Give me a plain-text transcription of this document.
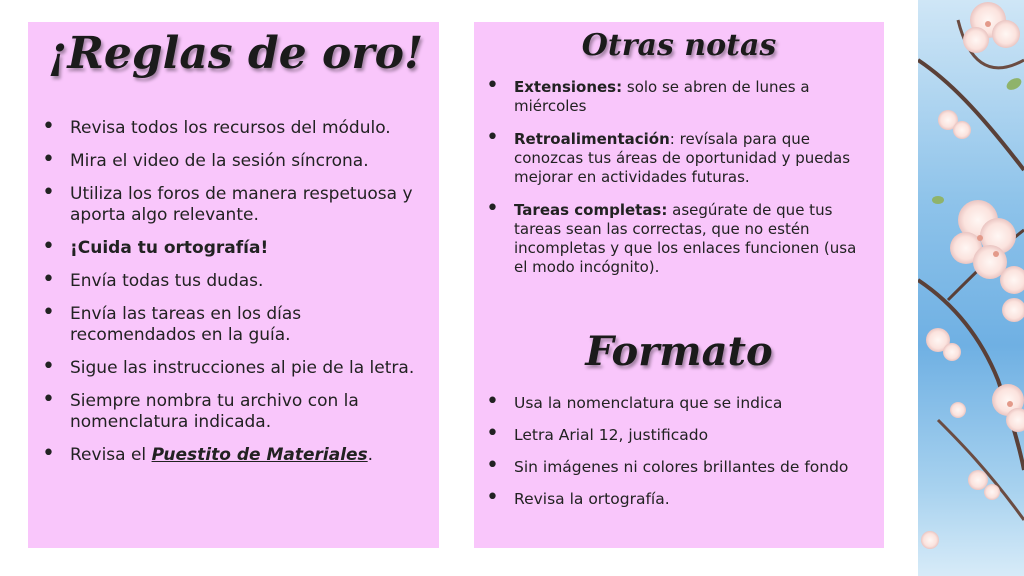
¡Reglas de oro!
• Revisa todos los recursos del módulo.
• Mira el video de la sesión síncrona.
• Utiliza los foros de manera respetuosa y aporta algo relevante.
• ¡Cuida tu ortografía!
• Envía todas tus dudas.
• Envía las tareas en los días recomendados en la guía.
• Sigue las instrucciones al pie de la letra.
• Siempre nombra tu archivo con la nomenclatura indicada.
• Revisa el Puestito de Materiales.
Otras notas
• Extensiones: solo se abren de lunes a miércoles
• Retroalimentación: revísala para que conozcas tus áreas de oportunidad y puedas mejorar en actividades futuras.
• Tareas completas: asegúrate de que tus tareas sean las correctas, que no estén incompletas y que los enlaces funcionen (usa el modo incógnito).
Formato
• Usa la nomenclatura que se indica
• Letra Arial 12, justificado
• Sin imágenes ni colores brillantes de fondo
• Revisa la ortografía.
